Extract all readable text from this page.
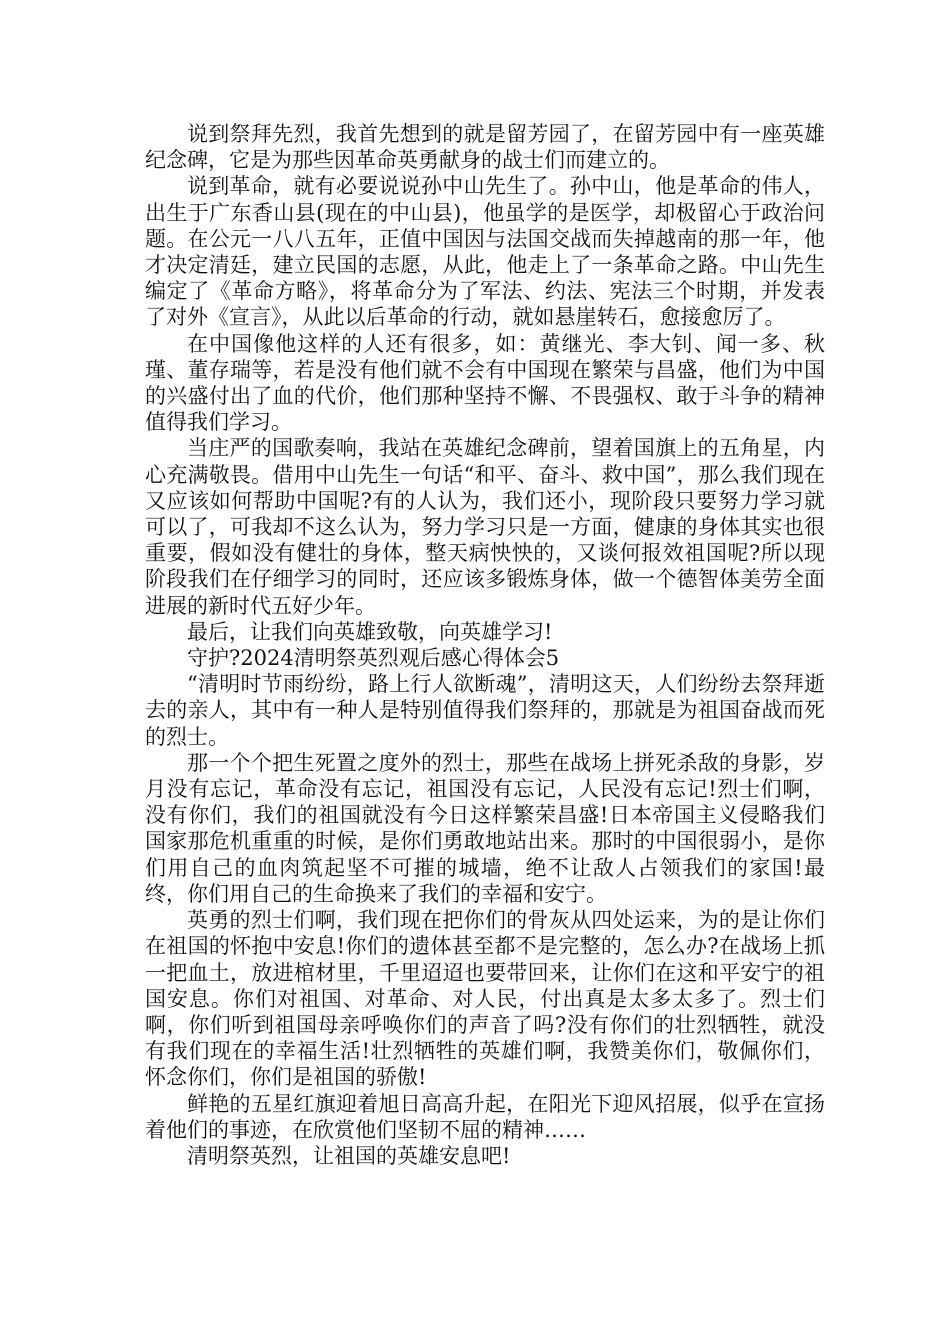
说到祭拜先烈，我首先想到的就是留芳园了，在留芳园中有一座英雄纪念碑，它是为那些因革命英勇献身的战士们而建立的。

说到革命，就有必要说说孙中山先生了。孙中山，他是革命的伟人，出生于广东香山县(现在的中山县)，他虽学的是医学，却极留心于政治问题。在公元一八八五年，正值中国因与法国交战而失掉越南的那一年，他才决定清廷，建立民国的志愿，从此，他走上了一条革命之路。中山先生编定了《革命方略》，将革命分为了军法、约法、宪法三个时期，并发表了对外《宣言》，从此以后革命的行动，就如悬崖转石，愈接愈厉了。

在中国像他这样的人还有很多，如：黄继光、李大钊、闻一多、秋瑾、董存瑞等，若是没有他们就不会有中国现在繁荣与昌盛，他们为中国的兴盛付出了血的代价，他们那种坚持不懈、不畏强权、敢于斗争的精神值得我们学习。

当庄严的国歌奏响，我站在英雄纪念碑前，望着国旗上的五角星，内心充满敬畏。借用中山先生一句话“和平、奋斗、救中国”，那么我们现在又应该如何帮助中国呢?有的人认为，我们还小，现阶段只要努力学习就可以了，可我却不这么认为，努力学习只是一方面，健康的身体其实也很重要，假如没有健壮的身体，整天病怏怏的，又谈何报效祖国呢?所以现阶段我们在仔细学习的同时，还应该多锻炼身体，做一个德智体美劳全面进展的新时代五好少年。

最后，让我们向英雄致敬，向英雄学习!

守护?2024清明祭英烈观后感心得体会5

“清明时节雨纷纷，路上行人欲断魂”，清明这天，人们纷纷去祭拜逝去的亲人，其中有一种人是特别值得我们祭拜的，那就是为祖国奋战而死的烈士。

那一个个把生死置之度外的烈士，那些在战场上拼死杀敌的身影，岁月没有忘记，革命没有忘记，祖国没有忘记，人民没有忘记!烈士们啊，没有你们，我们的祖国就没有今日这样繁荣昌盛!日本帝国主义侵略我们国家那危机重重的时候，是你们勇敢地站出来。那时的中国很弱小，是你们用自己的血肉筑起坚不可摧的城墙，绝不让敌人占领我们的家国!最终，你们用自己的生命换来了我们的幸福和安宁。

英勇的烈士们啊，我们现在把你们的骨灰从四处运来，为的是让你们在祖国的怀抱中安息!你们的遗体甚至都不是完整的，怎么办?在战场上抓一把血土，放进棺材里，千里迢迢也要带回来，让你们在这和平安宁的祖国安息。你们对祖国、对革命、对人民，付出真是太多太多了。烈士们啊，你们听到祖国母亲呼唤你们的声音了吗?没有你们的壮烈牺牲，就没有我们现在的幸福生活!壮烈牺牲的英雄们啊，我赞美你们，敬佩你们，怀念你们，你们是祖国的骄傲!

鲜艳的五星红旗迎着旭日高高升起，在阳光下迎风招展，似乎在宣扬着他们的事迹，在欣赏他们坚韧不屈的精神……

清明祭英烈，让祖国的英雄安息吧!
